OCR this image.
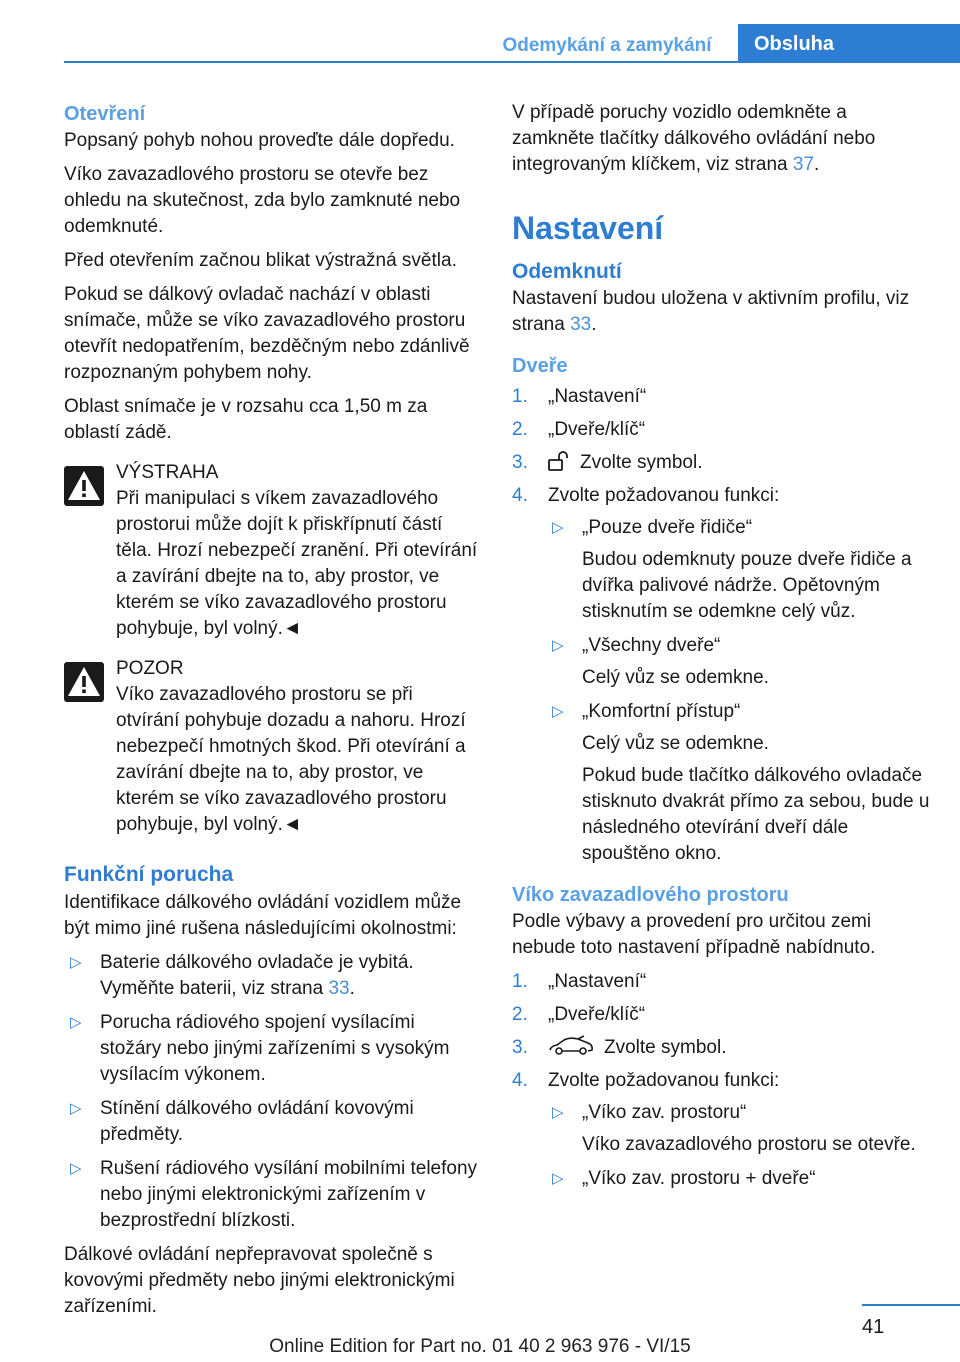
Odemykání a zamykání	Obsluha
Otevření
Popsaný pohyb nohou proveďte dále dopředu.
Víko zavazadlového prostoru se otevře bez ohledu na skutečnost, zda bylo zamknuté nebo odemknuté.
Před otevřením začnou blikat výstražná světla.
Pokud se dálkový ovladač nachází v oblasti snímače, může se víko zavazadlového prostoru otevřít nedopatřením, bezděčným nebo zdánlivě rozpoznaným pohybem nohy.
Oblast snímače je v rozsahu cca 1,50 m za oblastí zádě.
VÝSTRAHA
Při manipulaci s víkem zavazadlového prostorui může dojít k přiskřípnutí částí těla. Hrozí nebezpečí zranění. Při otevírání a zavírání dbejte na to, aby prostor, ve kterém se víko zavazadlového prostoru pohybuje, byl volný.◄
POZOR
Víko zavazadlového prostoru se při otvírání pohybuje dozadu a nahoru. Hrozí nebezpečí hmotných škod. Při otevírání a zavírání dbejte na to, aby prostor, ve kterém se víko zavazadlového prostoru pohybuje, byl volný.◄
Funkční porucha
Identifikace dálkového ovládání vozidlem může být mimo jiné rušena následujícími okolnostmi:
▷ Baterie dálkového ovladače je vybitá. Vyměňte baterii, viz strana 33.
▷ Porucha rádiového spojení vysílacími stožáry nebo jinými zařízeními s vysokým vysílacím výkonem.
▷ Stínění dálkového ovládání kovovými předměty.
▷ Rušení rádiového vysílání mobilními telefony nebo jinými elektronickými zařízením v bezprostřední blízkosti.
Dálkové ovládání nepřepravovat společně s kovovými předměty nebo jinými elektronickými zařízeními.
V případě poruchy vozidlo odemkněte a zamkněte tlačítky dálkového ovládání nebo integrovaným klíčkem, viz strana 37.
Nastavení
Odemknutí
Nastavení budou uložena v aktivním profilu, viz strana 33.
Dveře
1. „Nastavení“
2. „Dveře/klíč“
3.	Zvolte symbol.
4. Zvolte požadovanou funkci:
▷ „Pouze dveře řidiče“
Budou odemknuty pouze dveře řidiče a dvířka palivové nádrže. Opětovným stisknutím se odemkne celý vůz.
▷ „Všechny dveře“
Celý vůz se odemkne.
▷ „Komfortní přístup“
Celý vůz se odemkne.
Pokud bude tlačítko dálkového ovladače stisknuto dvakrát přímo za sebou, bude u následného otevírání dveří dále spouštěno okno.
Víko zavazadlového prostoru
Podle výbavy a provedení pro určitou zemi nebude toto nastavení případně nabídnuto.
1. „Nastavení“
2. „Dveře/klíč“
3.	Zvolte symbol.
4. Zvolte požadovanou funkci:
▷ „Víko zav. prostoru“
Víko zavazadlového prostoru se otevře.
▷ „Víko zav. prostoru + dveře“
41
Online Edition for Part no. 01 40 2 963 976 - VI/15
